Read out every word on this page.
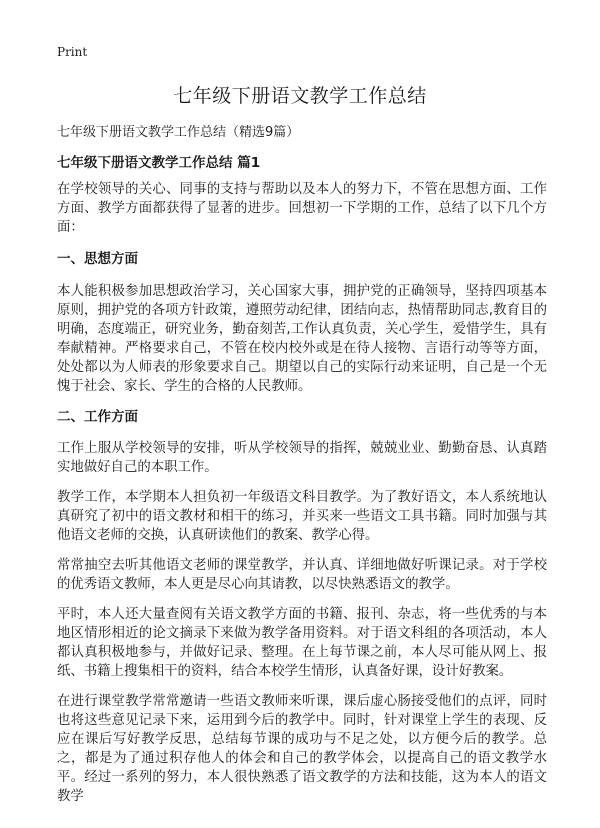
Print
七年级下册语文教学工作总结

七年级下册语文教学工作总结（精选9篇）

七年级下册语文教学工作总结 篇1

在学校领导的关心、同事的支持与帮助以及本人的努力下，不管在思想方面、工作方面、教学方面都获得了显著的进步。回想初一下学期的工作，总结了以下几个方面：

一、思想方面

本人能积极参加思想政治学习，关心国家大事，拥护党的正确领导，坚持四项基本原则，拥护党的各项方针政策，遵照劳动纪律，团结向志，热情帮助同志,教育目的明确，态度端正，研究业务，勤奋刻苦,工作认真负责，关心学生，爱惜学生，具有奉献精神。严格要求自己，不管在校内校外或是在待人接物、言语行动等等方面，处处都以为人师表的形象要求自己。期望以自己的实际行动来证明，自己是一个无愧于社会、家长、学生的合格的人民教师。

二、工作方面

工作上服从学校领导的安排，听从学校领导的指挥，兢兢业业、勤勤奋恳、认真踏实地做好自己的本职工作。

教学工作，本学期本人担负初一年级语文科目教学。为了教好语文，本人系统地认真研究了初中的语文教材和相干的练习，并买来一些语文工具书籍。同时加强与其他语文老师的交换，认真研读他们的教案、教学心得。

常常抽空去听其他语文老师的课堂教学，并认真、详细地做好听课记录。对于学校的优秀语文教师，本人更是尽心向其请教，以尽快熟悉语文的教学。

平时，本人还大量查阅有关语文教学方面的书籍、报刊、杂志，将一些优秀的与本地区情形相近的论文摘录下来做为教学备用资料。对于语文科组的各项活动，本人都认真积极地参与，并做好记录、整理。在上每节课之前，本人尽可能从网上、报纸、书籍上搜集相干的资料，结合本校学生情形，认真备好课，设计好教案。

在进行课堂教学常常邀请一些语文教师来听课，课后虚心肠接受他们的点评，同时也将这些意见记录下来，运用到今后的教学中。同时，针对课堂上学生的表现、反应在课后写好教学反思，总结每节课的成功与不足之处，以方便今后的教学。总之，都是为了通过积存他人的体会和自己的教学体会，以提高自己的语文教学水平。经过一系列的努力，本人很快熟悉了语文教学的方法和技能，这为本人的语文教学
